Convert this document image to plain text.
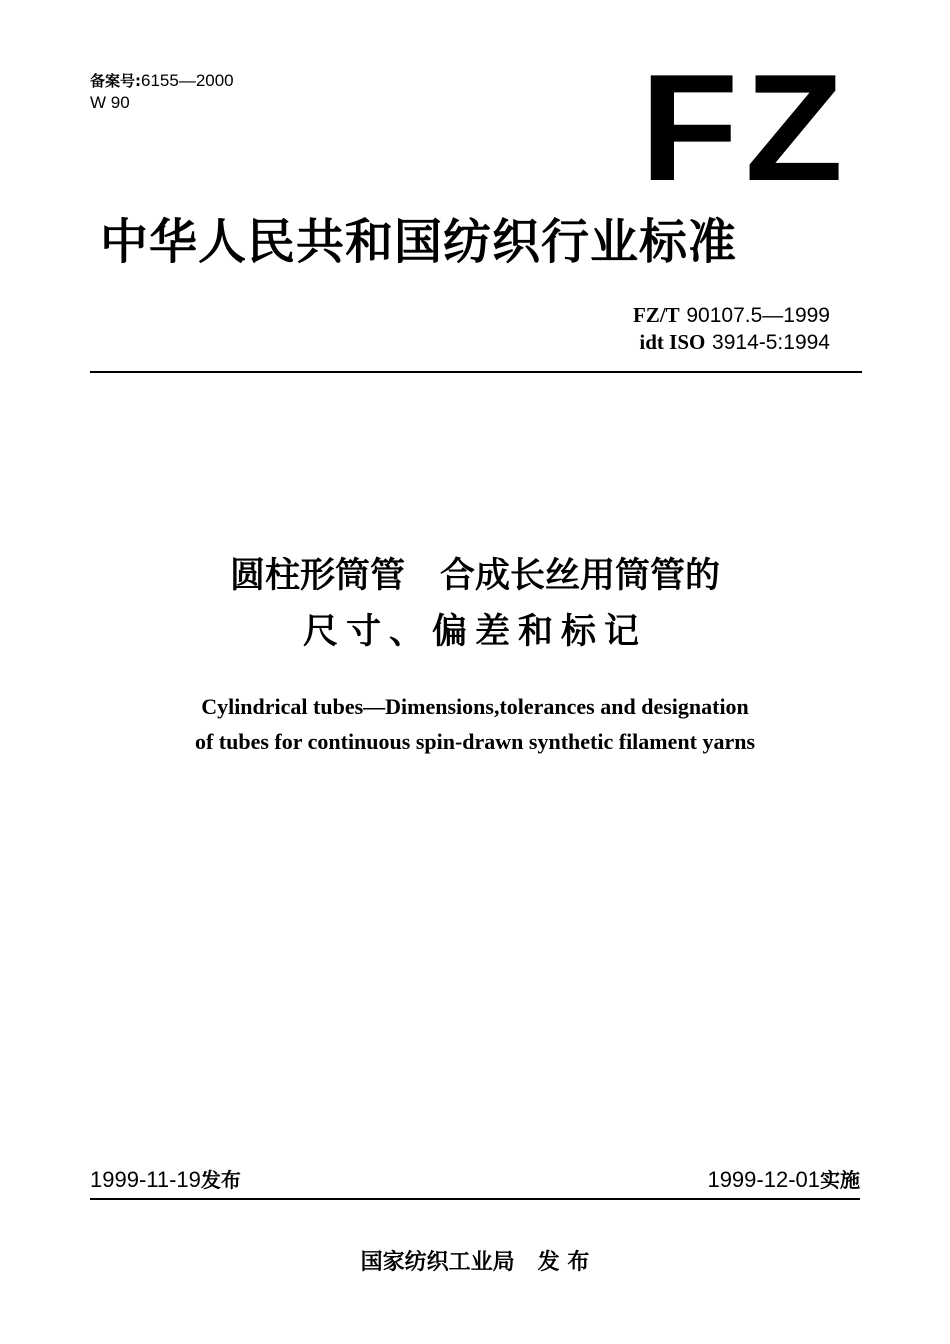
备案号:6155—2000
W 90	FZ
中华人民共和国纺织行业标准
FZ/T 90107.5—1999
idt ISO 3914-5:1994
圆柱形筒管　合成长丝用筒管的
尺寸、偏差和标记
Cylindrical tubes—Dimensions,tolerances and designation
of tubes for continuous spin-drawn synthetic filament yarns
1999-11-19发布	1999-12-01实施
国家纺织工业局 发 布
